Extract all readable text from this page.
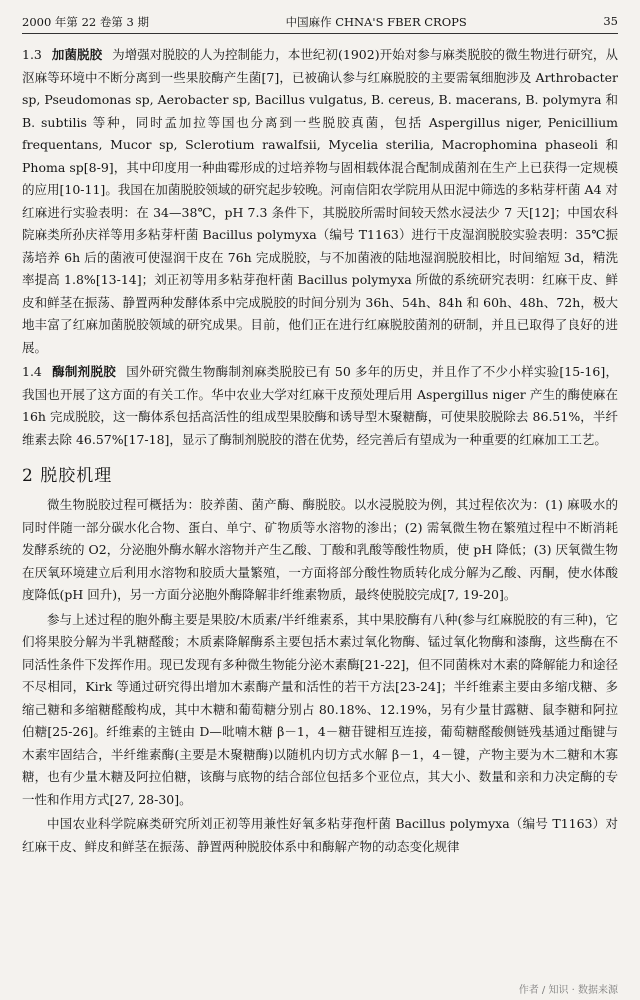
2000 年第 22 卷第 3 期	中国麻作 CHNA'S FBER CROPS	35

1.3 加菌脱胶 为增强对脱胶的人为控制能力，本世纪初(1902)开始对参与麻类脱胶的微生物进行研究，从沤麻等环境中不断分离到一些果胶酶产生菌[7]，已被确认参与红麻脱胶的主要需氧细胞涉及 Arthrobacter sp, Pseudomonas sp, Aerobacter sp, Bacillus vulgatus, B. cereus, B. macerans, B. polymyra 和 B. subtilis 等种，同时孟加拉等国也分离到一些脱胶真菌，包括 Aspergillus niger, Penicillium frequentans, Mucor sp, Sclerotium rawalfsii, Mycelia sterilia, Macrophomina phaseoli 和 Phoma sp[8-9]，其中印度用一种曲霉形成的过培养物与固相载体混合配制成菌剂在生产上已获得一定规模的应用[10-11]。我国在加菌脱胶领域的研究起步较晚。河南信阳农学院用从田泥中筛选的多粘芽杆菌 A4 对红麻进行实验表明：在 34—38℃，pH 7.3 条件下，其脱胶所需时间较天然水浸法少 7 天[12]；中国农科院麻类所孙庆祥等用多粘芽杆菌 Bacillus polymyxa（编号 T1163）进行干皮湿润脱胶实验表明：35℃振荡培养 6h 后的菌液可使湿润干皮在 76h 完成脱胶，与不加菌液的陆地湿润脱胶相比，时间缩短 3d，精洗率提高 1.8%[13-14]；刘正初等用多粘芽孢杆菌 Bacillus polymyxa 所做的系统研究表明：红麻干皮、鲜皮和鲜茎在振荡、静置两种发酵体系中完成脱胶的时间分别为 36h、54h、84h 和 60h、48h、72h，极大地丰富了红麻加菌脱胶领域的研究成果。目前，他们正在进行红麻脱胶菌剂的研制，并且已取得了良好的进展。

1.4 酶制剂脱胶 国外研究微生物酶制剂麻类脱胶已有 50 多年的历史，并且作了不少小样实验[15-16]，我国也开展了这方面的有关工作。华中农业大学对红麻干皮预处理后用 Aspergillus niger 产生的酶使麻在 16h 完成脱胶，这一酶体系包括高活性的组成型果胶酶和诱导型木聚糖酶，可使果胶脱除去 86.51%，半纤维素去除 46.57%[17-18]，显示了酶制剂脱胶的潜在优势，经完善后有望成为一种重要的红麻加工工艺。

2 脱胶机理

微生物脱胶过程可概括为：胶养菌、菌产酶、酶脱胶。以水浸脱胶为例，其过程依次为：(1) 麻吸水的同时伴随一部分碳水化合物、蛋白、单宁、矿物质等水溶物的渗出；(2) 需氧微生物在繁殖过程中不断消耗发酵系统的 O2，分泌胞外酶水解水溶物并产生乙酸、丁酸和乳酸等酸性物质，使 pH 降低；(3) 厌氧微生物在厌氧环境建立后利用水溶物和胶质大量繁殖，一方面将部分酸性物质转化成分解为乙酸、丙酮，使水体酸度降低(pH 回升)，另一方面分泌胞外酶降解非纤维素物质，最终使脱胶完成[7, 19-20]。

参与上述过程的胞外酶主要是果胶/木质素/半纤维素系，其中果胶酶有八种(参与红麻脱胶的有三种)，它们将果胶分解为半乳糖醛酸；木质素降解酶系主要包括木素过氧化物酶、锰过氧化物酶和漆酶，这些酶在不同活性条件下发挥作用。现已发现有多种微生物能分泌木素酶[21-22]，但不同菌株对木素的降解能力和途径不尽相同，Kirk 等通过研究得出增加木素酶产量和活性的若干方法[23-24]；半纤维素主要由多缩戊糖、多缩己糖和多缩糖醛酸构成，其中木糖和葡萄糖分别占 80.18%、12.19%，另有少量甘露糖、鼠李糖和阿拉伯糖[25-26]。纤维素的主链由 D—吡喃木糖 β－1，4－糖苷键相互连接，葡萄糖醛酸侧链残基通过酯键与木素牢固结合，半纤维素酶(主要是木聚糖酶)以随机内切方式水解 β－1，4－键，产物主要为木二糖和木寡糖，也有少量木糖及阿拉伯糖，该酶与底物的结合部位包括多个亚位点，其大小、数量和亲和力决定酶的专一性和作用方式[27, 28-30]。

中国农业科学院麻类研究所刘正初等用兼性好氧多粘芽孢杆菌 Bacillus polymyxa（编号 T1163）对红麻干皮、鲜皮和鲜茎在振荡、静置两种脱胶体系中和酶解产物的动态变化规律

作者 / 知识 · 数据来源
